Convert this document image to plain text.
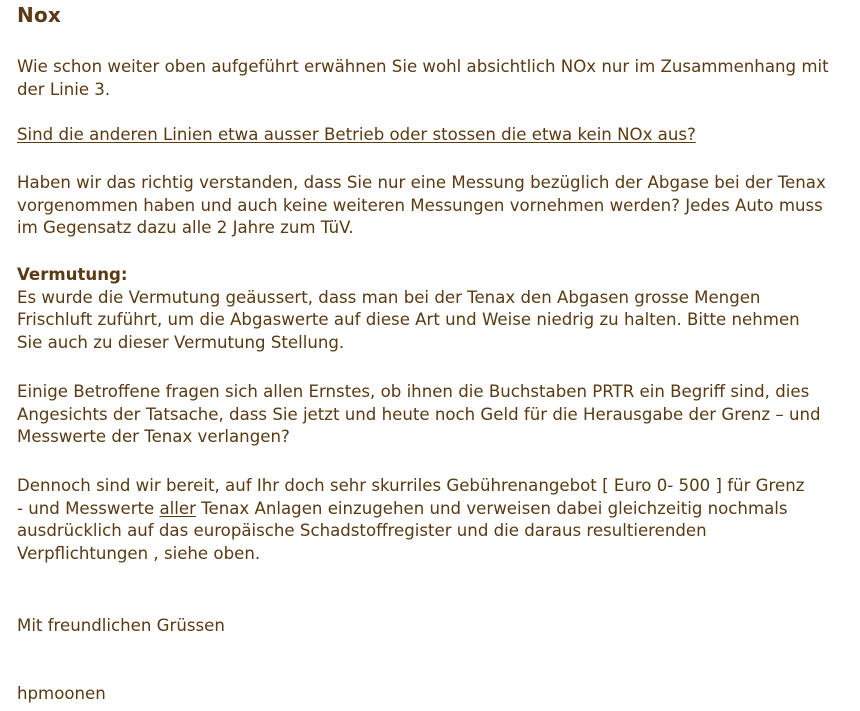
Nox
Wie schon weiter oben aufgeführt erwähnen Sie wohl absichtlich NOx nur im Zusammenhang mit
der Linie 3.
Sind die anderen Linien etwa ausser Betrieb oder stossen die etwa kein NOx aus?
Haben wir das richtig verstanden, dass Sie nur eine Messung bezüglich der Abgase bei der Tenax
vorgenommen haben und auch keine weiteren Messungen vornehmen werden? Jedes Auto muss
im Gegensatz dazu alle 2 Jahre zum TüV.
Vermutung:
Es wurde die Vermutung geäussert, dass man bei der Tenax den Abgasen grosse Mengen
Frischluft zuführt, um die Abgaswerte auf diese Art und Weise niedrig zu halten. Bitte nehmen
Sie auch zu dieser Vermutung Stellung.
Einige Betroffene fragen sich allen Ernstes, ob ihnen die Buchstaben PRTR ein Begriff sind, dies
Angesichts der Tatsache, dass Sie jetzt und heute noch Geld für die Herausgabe der Grenz – und
Messwerte der Tenax verlangen?
Dennoch sind wir bereit, auf Ihr doch sehr skurriles Gebührenangebot [ Euro 0- 500 ] für Grenz
- und Messwerte aller Tenax Anlagen einzugehen und verweisen dabei gleichzeitig nochmals
ausdrücklich auf das europäische Schadstoffregister und die daraus resultierenden
Verpflichtungen , siehe oben.
Mit freundlichen Grüssen
hpmoonen
